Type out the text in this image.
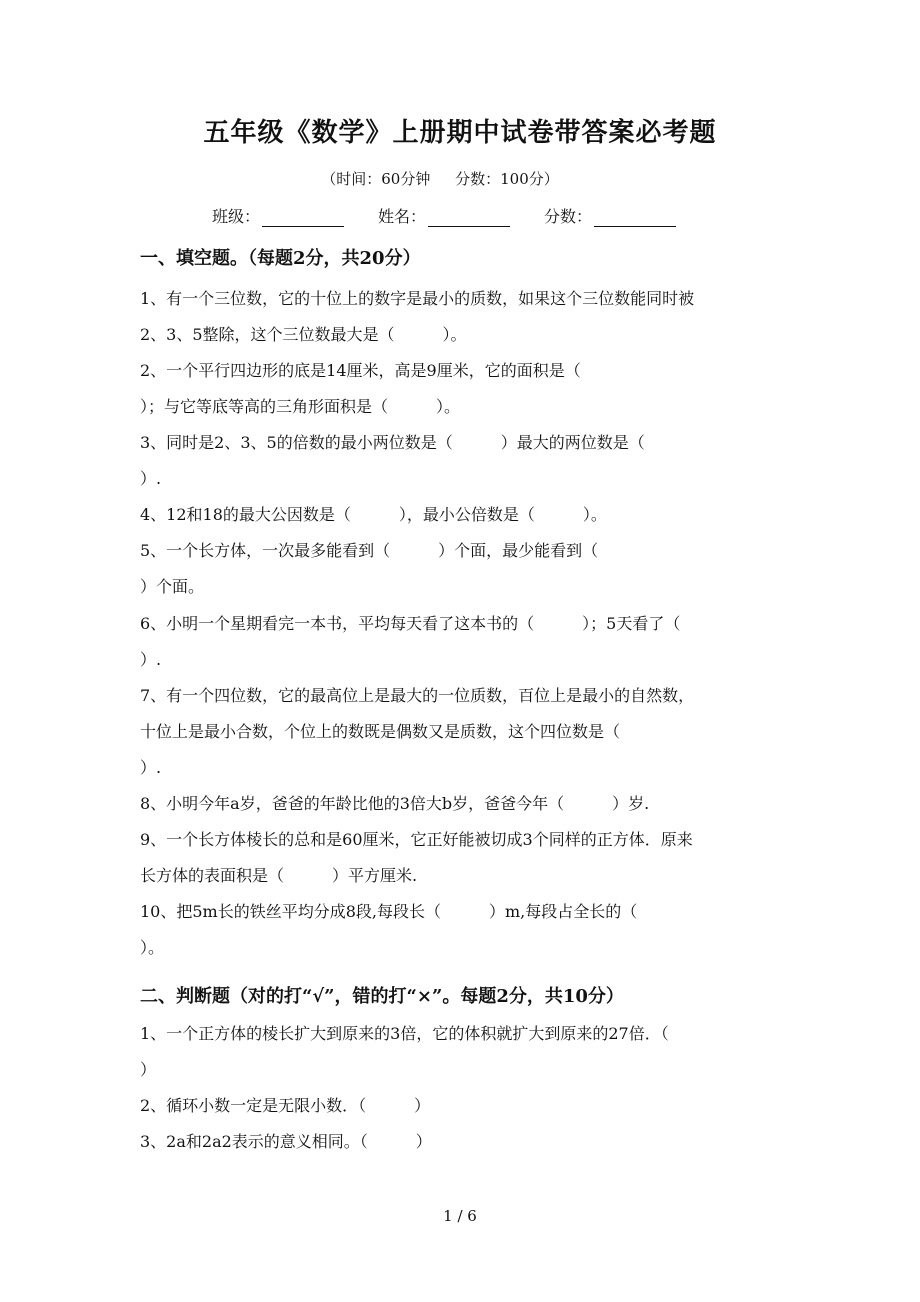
五年级《数学》上册期中试卷带答案必考题
（时间：60分钟 分数：100分）
班级：	姓名：	分数：
一、填空题。（每题2分，共20分）
1、有一个三位数，它的十位上的数字是最小的质数，如果这个三位数能同时被
2、3、5整除，这个三位数最大是（　　　）。
2、一个平行四边形的底是14厘米，高是9厘米，它的面积是（
）；与它等底等高的三角形面积是（　　　）。
3、同时是2、3、5的倍数的最小两位数是（　　　）最大的两位数是（
）.
4、12和18的最大公因数是（　　　），最小公倍数是（　　　）。
5、一个长方体，一次最多能看到（　　　）个面，最少能看到（
）个面。
6、小明一个星期看完一本书，平均每天看了这本书的（　　　）；5天看了（
）.
7、有一个四位数，它的最高位上是最大的一位质数，百位上是最小的自然数，
十位上是最小合数，个位上的数既是偶数又是质数，这个四位数是（
）.
8、小明今年a岁，爸爸的年龄比他的3倍大b岁，爸爸今年（　　　）岁.
9、一个长方体棱长的总和是60厘米，它正好能被切成3个同样的正方体．原来
长方体的表面积是（　　　）平方厘米.
10、把5m长的铁丝平均分成8段,每段长（　　　）m,每段占全长的（
）。
二、判断题（对的打“√”，错的打“×”。每题2分，共10分）
1、一个正方体的棱长扩大到原来的3倍，它的体积就扩大到原来的27倍．（
）
2、循环小数一定是无限小数．（　　　）
3、2a和2a2表示的意义相同。（　　　）
1 / 6
